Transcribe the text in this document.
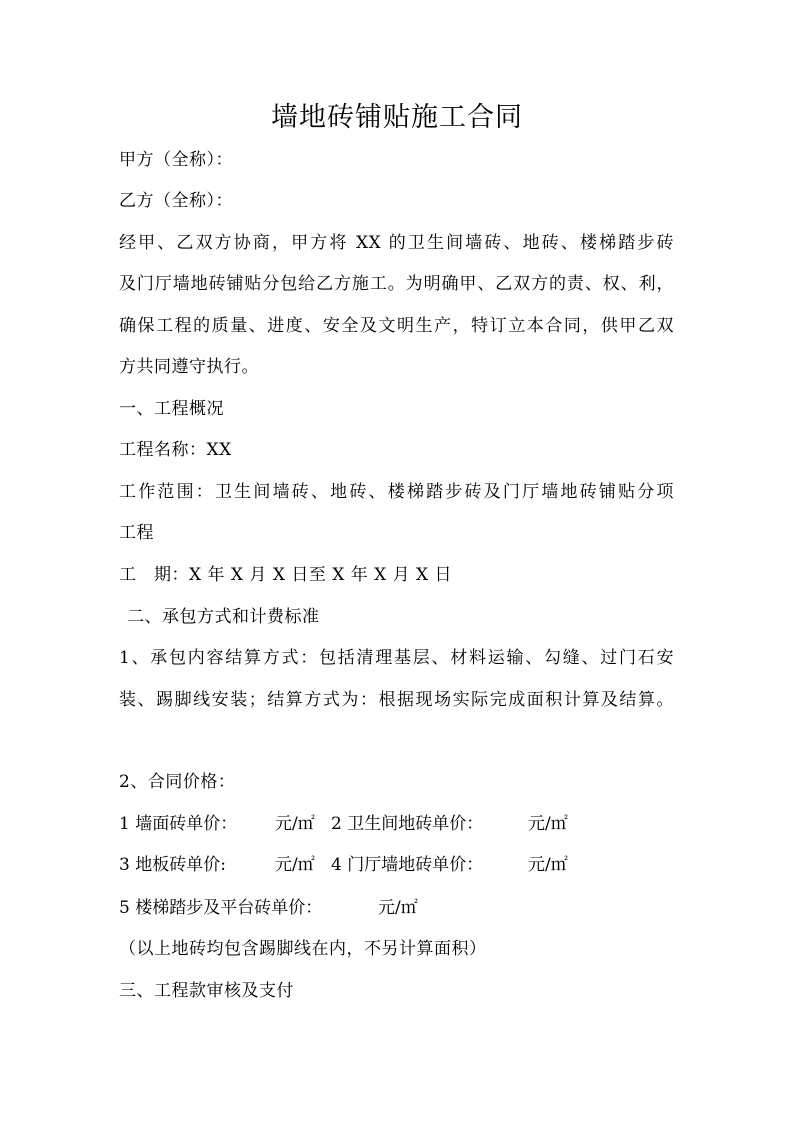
墙地砖铺贴施工合同
甲方（全称）：
乙方（全称）：
经甲、乙双方协商，甲方将 XX 的卫生间墙砖、地砖、楼梯踏步砖
及门厅墙地砖铺贴分包给乙方施工。为明确甲、乙双方的责、权、利，
确保工程的质量、进度、安全及文明生产，特订立本合同，供甲乙双
方共同遵守执行。
一、工程概况
工程名称：XX
工作范围：卫生间墙砖、地砖、楼梯踏步砖及门厅墙地砖铺贴分项
工程
工　期：X 年 X 月 X 日至 X 年 X 月 X 日
二、承包方式和计费标准
1、承包内容结算方式：包括清理基层、材料运输、勾缝、过门石安
装、踢脚线安装；结算方式为：根据现场实际完成面积计算及结算。
2、合同价格：
1 墙面砖单价： 元/㎡ 2 卫生间地砖单价：	元/㎡
3 地板砖单价:	元/㎡ 4 门厅墙地砖单价：	元/㎡
5 楼梯踏步及平台砖单价：	元/㎡
（以上地砖均包含踢脚线在内，不另计算面积）
三、工程款审核及支付
